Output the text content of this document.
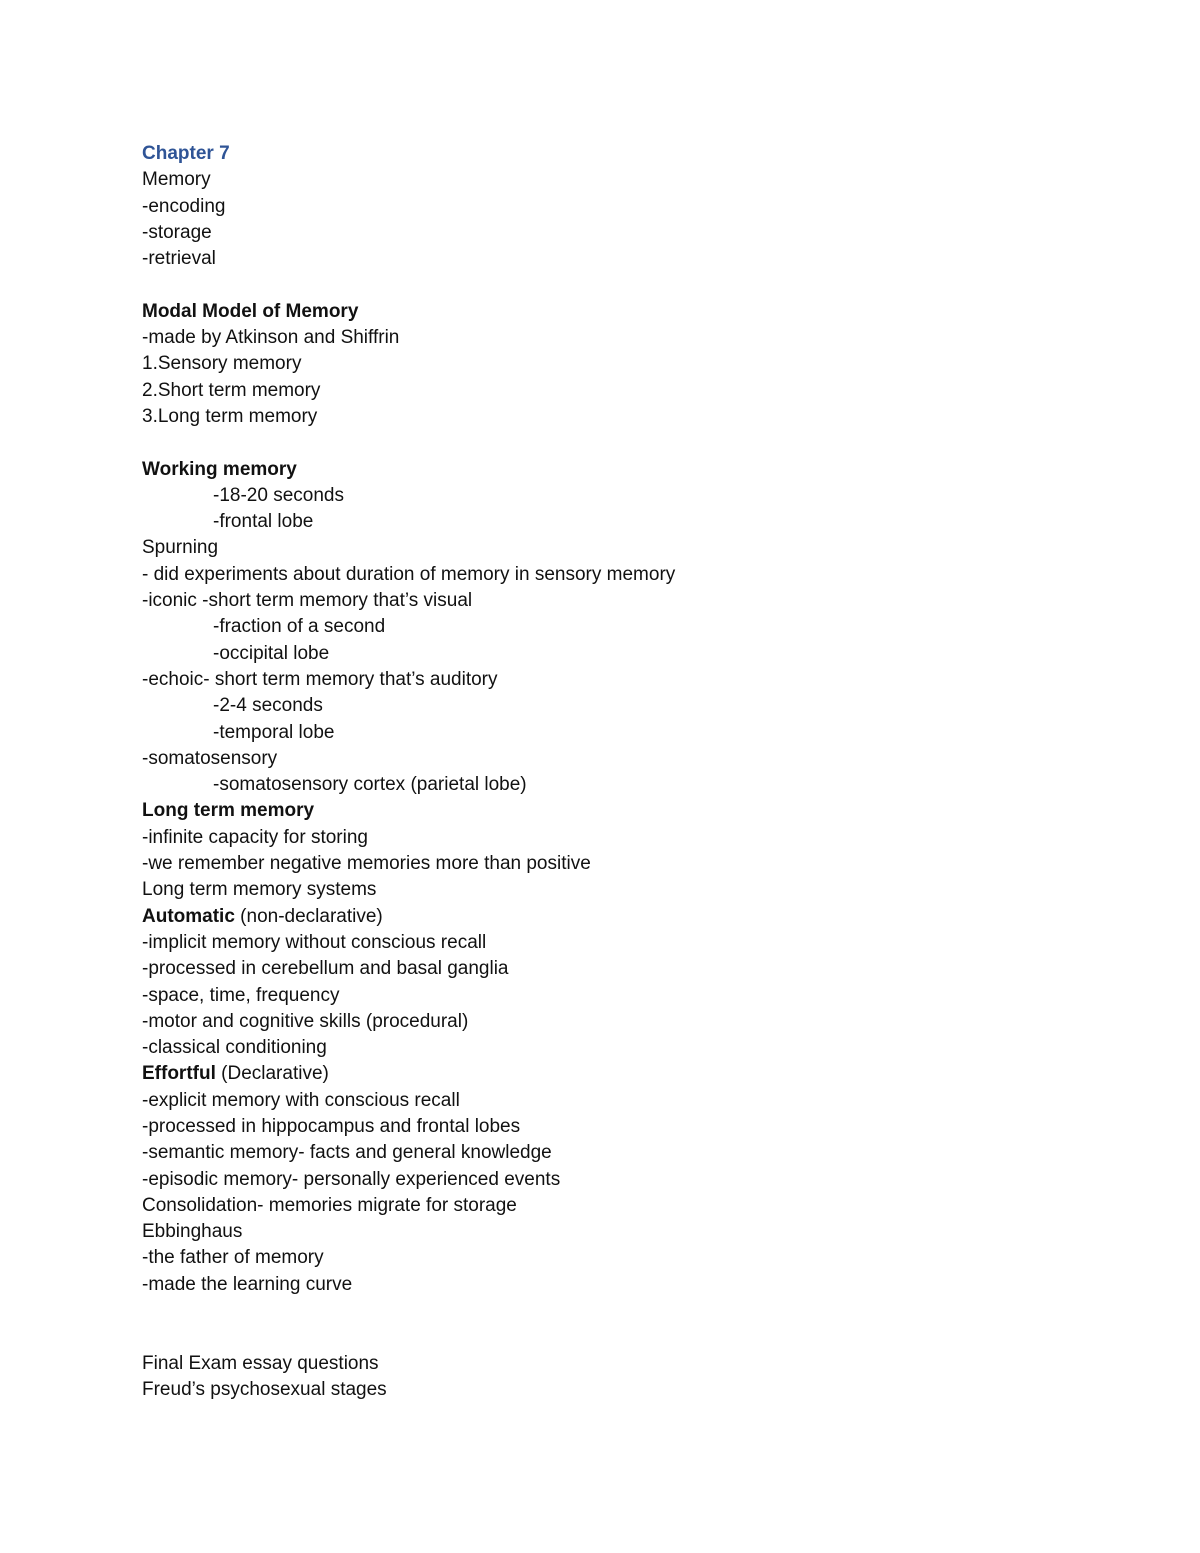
Chapter 7
Memory
-encoding
-storage
-retrieval
Modal Model of Memory
-made by Atkinson and Shiffrin
1.Sensory memory
2.Short term memory
3.Long term memory
Working memory
-18-20 seconds
-frontal lobe
Spurning
- did experiments about duration of memory in sensory memory
-iconic -short term memory that’s visual
-fraction of a second
-occipital lobe
-echoic- short term memory that’s auditory
-2-4 seconds
-temporal lobe
-somatosensory
-somatosensory cortex (parietal lobe)
Long term memory
-infinite capacity for storing
-we remember negative memories more than positive
Long term memory systems
Automatic (non-declarative)
-implicit memory without conscious recall
-processed in cerebellum and basal ganglia
-space, time, frequency
-motor and cognitive skills (procedural)
-classical conditioning
Effortful (Declarative)
-explicit memory with conscious recall
-processed in hippocampus and frontal lobes
-semantic memory- facts and general knowledge
-episodic memory- personally experienced events
Consolidation- memories migrate for storage
Ebbinghaus
-the father of memory
-made the learning curve
Final Exam essay questions
Freud’s psychosexual stages
